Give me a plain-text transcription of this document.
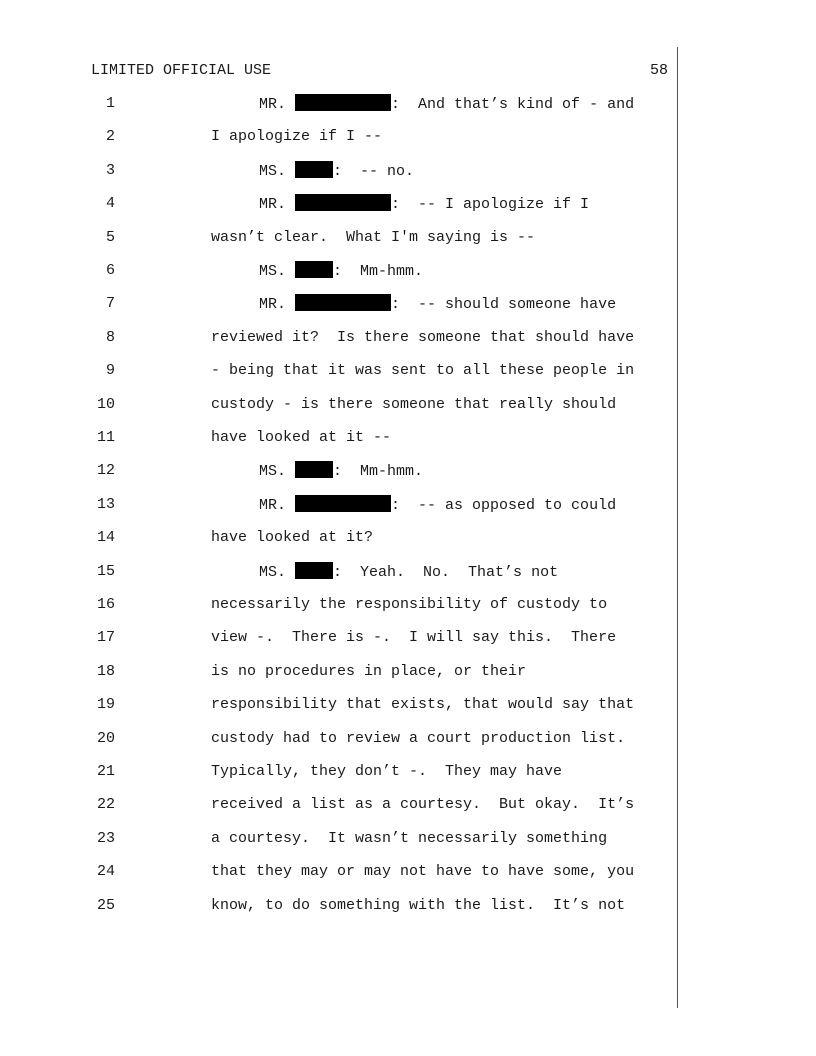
LIMITED OFFICIAL USE	58
1	MR.	:  And that’s kind of - and
2	I apologize if I --
3	MS.	:  -- no.
4	MR.	:  -- I apologize if I
5	wasn’t clear.  What I'm saying is --
6	MS.	:  Mm-hmm.
7	MR.	:  -- should someone have
8	reviewed it?  Is there someone that should have
9	- being that it was sent to all these people in
10	custody - is there someone that really should
11	have looked at it --
12	MS.	:  Mm-hmm.
13	MR.	:  -- as opposed to could
14	have looked at it?
15	MS.	:  Yeah.  No.  That’s not
16	necessarily the responsibility of custody to
17	view -.  There is -.  I will say this.  There
18	is no procedures in place, or their
19	responsibility that exists, that would say that
20	custody had to review a court production list.
21	Typically, they don’t -.  They may have
22	received a list as a courtesy.  But okay.  It’s
23	a courtesy.  It wasn’t necessarily something
24	that they may or may not have to have some, you
25	know, to do something with the list.  It’s not
